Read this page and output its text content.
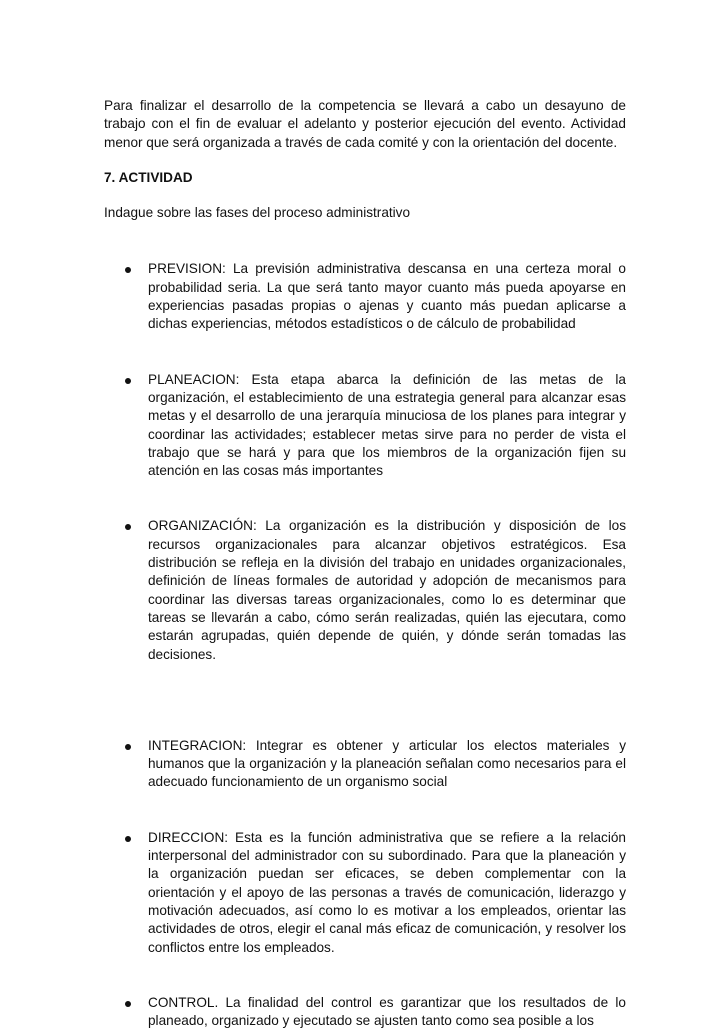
Para finalizar el desarrollo de la competencia se llevará a cabo un desayuno de trabajo con el fin de evaluar el adelanto y posterior ejecución del evento. Actividad menor que será organizada a través de cada comité y con la orientación del docente.

7. ACTIVIDAD

Indague sobre las fases del proceso administrativo

PREVISION: La previsión administrativa descansa en una certeza moral o probabilidad seria. La que será tanto mayor cuanto más pueda apoyarse en experiencias pasadas propias o ajenas y cuanto más puedan aplicarse a dichas experiencias, métodos estadísticos o de cálculo de probabilidad
PLANEACION: Esta etapa abarca la definición de las metas de la organización, el establecimiento de una estrategia general para alcanzar esas metas y el desarrollo de una jerarquía minuciosa de los planes para integrar y coordinar las actividades; establecer metas sirve para no perder de vista el trabajo que se hará y para que los miembros de la organización fijen su atención en las cosas más importantes
ORGANIZACIÓN: La organización es la distribución y disposición de los recursos organizacionales para alcanzar objetivos estratégicos. Esa distribución se refleja en la división del trabajo en unidades organizacionales, definición de líneas formales de autoridad y adopción de mecanismos para coordinar las diversas tareas organizacionales, como lo es determinar que tareas se llevarán a cabo, cómo serán realizadas, quién las ejecutara, como estarán agrupadas, quién depende de quién, y dónde serán tomadas las decisiones.
INTEGRACION: Integrar es obtener y articular los electos materiales y humanos que la organización y la planeación señalan como necesarios para el adecuado funcionamiento de un organismo social
DIRECCION: Esta es la función administrativa que se refiere a la relación interpersonal del administrador con su subordinado. Para que la planeación y la organización puedan ser eficaces, se deben complementar con la orientación y el apoyo de las personas a través de comunicación, liderazgo y motivación adecuados, así como lo es motivar a los empleados, orientar las actividades de otros, elegir el canal más eficaz de comunicación, y resolver los conflictos entre los empleados.
CONTROL. La finalidad del control es garantizar que los resultados de lo planeado, organizado y ejecutado se ajusten tanto como sea posible a los
